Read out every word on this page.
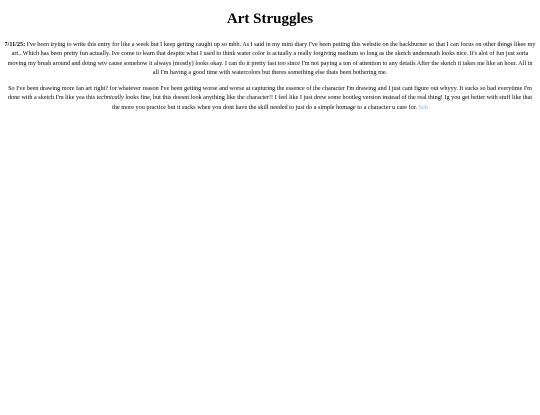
Art Struggles

7/11/25: I've been trying to write this entry for like a week but I keep getting caught up so mbb. As I said in my mini diary I've been putting this website on the backburner so that I can focus on other things likee my art.. Which has been pretty fun actually. Ive come to learn that despite what I used to think water color is actually a really forgiving medium so long as the sketch underneath looks nice. It's alot of fun just sorta moving my brush around and doing wtv cause somehow it always (mostly) looks okay. I can do it pretty fast too since I'm not paying a ton of attention to any details After the sketch it takes me like an hour. All in all I'm having a good time with watercolors but theres something else thats been bothering me.

So I've been drawing more fan art right? for whatever reason I've been getting worse and worse at capturing the essence of the character I'm drawing and I just cant figure out whyyy. It sucks so bad everytime I'm done with a sketch I'm like yea this technically looks fine, but this doesnt look anything like the character!! I feel like I just drew some bootleg version instead of the real thing! Ig you get better with stuff like that the more you practice but it sucks when you dont have the skill needed to just do a simple homage to a character u care for. 6o6
